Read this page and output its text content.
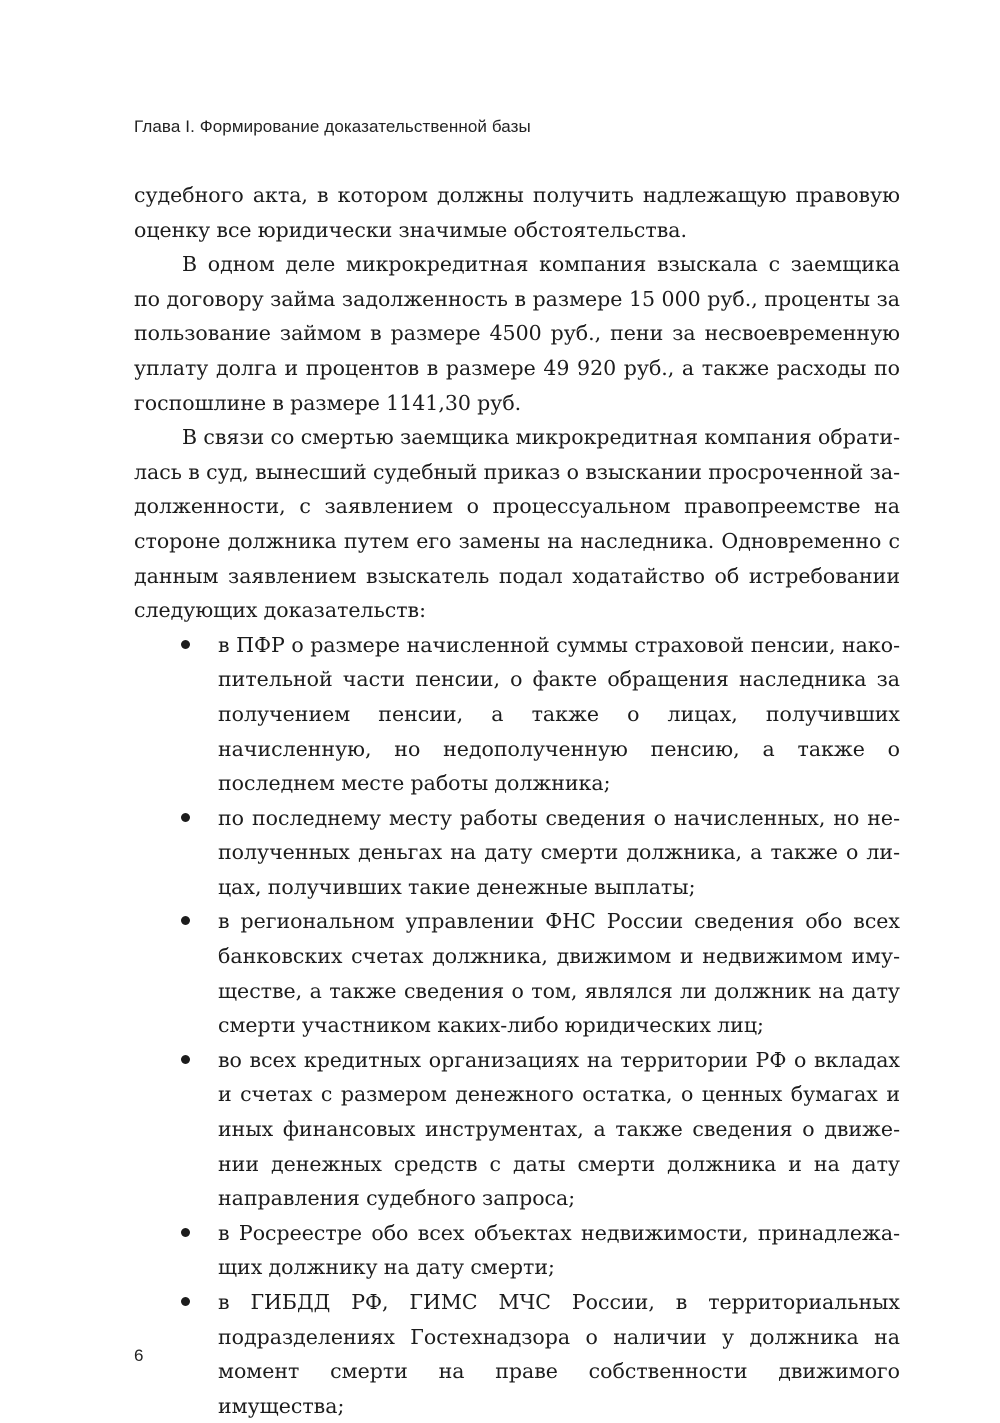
Глава I. Формирование доказательственной базы

судебного акта, в котором должны получить надлежащую правовую оценку все юридически значимые обстоятельства.

В одном деле микрокредитная компания взыскала с заемщика по договору займа задолженность в размере 15 000 руб., проценты за пользование займом в размере 4500 руб., пени за несвоевременную уплату долга и процентов в размере 49 920 руб., а также расходы по госпошлине в размере 1141,30 руб.

В связи со смертью заемщика микрокредитная компания обратилась в суд, вынесший судебный приказ о взыскании просроченной задолженности, с заявлением о процессуальном правопреемстве на стороне должника путем его замены на наследника. Одновременно с данным заявлением взыскатель подал ходатайство об истребовании следующих доказательств:

в ПФР о размере начисленной суммы страховой пенсии, накопительной части пенсии, о факте обращения наследника за получением пенсии, а также о лицах, получивших начисленную, но недополученную пенсию, а также о последнем месте работы должника;
по последнему месту работы сведения о начисленных, но неполученных деньгах на дату смерти должника, а также о лицах, получивших такие денежные выплаты;
в региональном управлении ФНС России сведения обо всех банковских счетах должника, движимом и недвижимом имуществе, а также сведения о том, являлся ли должник на дату смерти участником каких-либо юридических лиц;
во всех кредитных организациях на территории РФ о вкладах и счетах с размером денежного остатка, о ценных бумагах и иных финансовых инструментах, а также сведения о движении денежных средств с даты смерти должника и на дату направления судебного запроса;
в Росреестре обо всех объектах недвижимости, принадлежащих должнику на дату смерти;
в ГИБДД РФ, ГИМС МЧС России, в территориальных подразделениях Гостехнадзора о наличии у должника на момент смерти на праве собственности движимого имущества;
6
